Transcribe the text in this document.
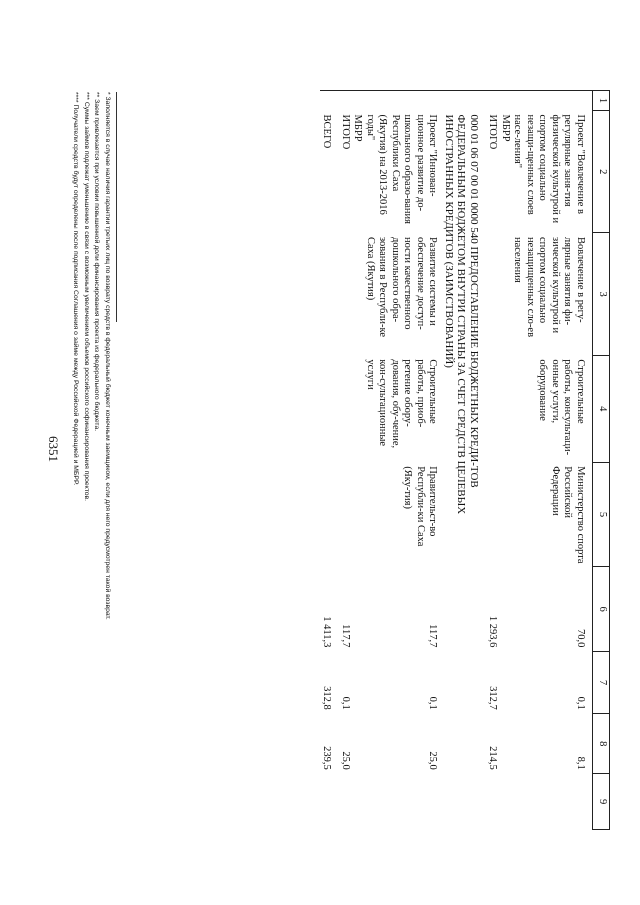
6351
1	2	3	4	5	6	7	8	9
	Проект "Вовлечение в регулярные заня-тия физической культурой и спортом социально незащи-щенных слоев насе-ления"	Вовлечение в регу-лярные занятия фи-зической культурой и спортом социально незащищенных сло-ев населения	Строительные работы, консультаци-онные услуги, оборудование	Министерство спорта Российской Федерации	70,0	0,1	8,1	
	МБРР							
	ИТОГО				1 293,6	312,7	214,5	
	000 01 06 07 00 01 0000 540 ПРЕДОСТАВЛЕНИЕ БЮДЖЕТНЫХ КРЕДИ-ТОВ ФЕДЕРАЛЬНЫМ БЮДЖЕТОМ ВНУТРИ СТРАНЫ ЗА СЧЕТ СРЕДСТВ ЦЕЛЕВЫХ ИНОСТРАННЫХ КРЕДИТОВ (ЗАИМСТВОВАНИЙ)							
	Проект "Иннован-ционное развитие до-школьного образо-вания Республики Саха (Якутия) на 2013-2016 годы"	Развитие системы и обеспечение доступ-ности качественного дошкольного обра-зования в Республи-ке Саха (Якутия)	Строительные работы, приоб-ретение обору-дования, обу-чение, кон-сультационные услуги	Правительст-во Республи-ки Саха (Яку-тия)	117,7	0,1	25,0	
	МБРР							
	ИТОГО				117,7	0,1	25,0	
	ВСЕГО				1 411,3	312,8	239,5	
* Заполняется в случае наличия гарантии третьих лиц по возврату средств в федеральный бюджет конечным заемщиком, если для него предусмотрен такой возврат.
** Заем привлекается при условии повышенной доли финансирования проекта из федерального бюджета.
*** Суммы займов подлежат уменьшению в связи с возможным увеличением объемов российского софинансирования проектов.
**** Получатели средств будут определены после подписания Соглашения о займе между Российской Федерацией и МБРР.
